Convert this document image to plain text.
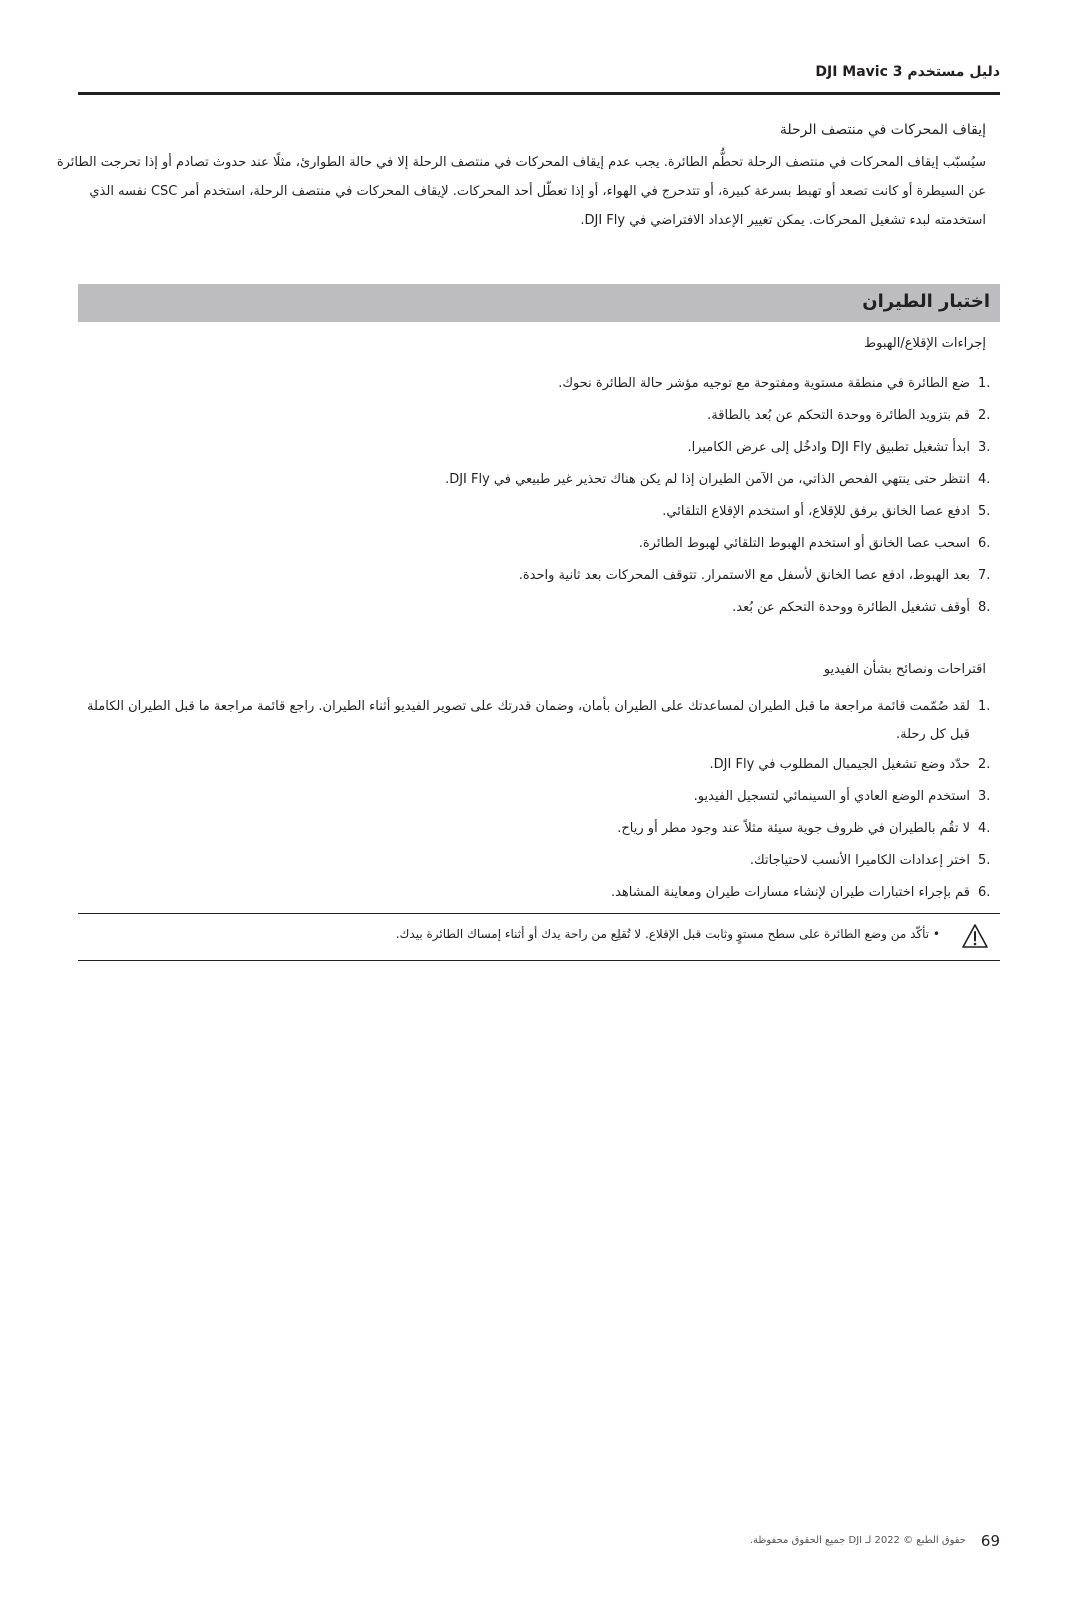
دليل مستخدم DJI Mavic 3
إيقاف المحركات في منتصف الرحلة

سيُسبّب إيقاف المحركات في منتصف الرحلة تحطُّم الطائرة. يجب عدم إيقاف المحركات في منتصف الرحلة إلا في حالة الطوارئ، مثلًا عند حدوث تصادم أو إذا تحرجت الطائرة

عن السيطرة أو كانت تصعد أو تهبط بسرعة كبيرة، أو تتدحرج في الهواء، أو إذا تعطّل أحد المحركات. لإيقاف المحركات في منتصف الرحلة، استخدم أمر CSC نفسه الذي

استخدمته لبدء تشغيل المحركات. يمكن تغيير الإعداد الافتراضي في DJI Fly.

اختبار الطيران
إجراءات الإقلاع/الهبوط
1.
ضع الطائرة في منطقة مستوية ومفتوحة مع توجيه مؤشر حالة الطائرة نحوك.
2.
قم بتزويد الطائرة ووحدة التحكم عن بُعد بالطاقة.
3.
ابدأ تشغيل تطبيق DJI Fly وادخُل إلى عرض الكاميرا.
4.
انتظر حتى ينتهي الفحص الذاتي، من الآمن الطيران إذا لم يكن هناك تحذير غير طبيعي في DJI Fly.
5.
ادفع عصا الخانق برفق للإقلاع، أو استخدم الإقلاع التلقائي.
6.
اسحب عصا الخانق أو استخدم الهبوط التلقائي لهبوط الطائرة.
7.
بعد الهبوط، ادفع عصا الخانق لأسفل مع الاستمرار. تتوقف المحركات بعد ثانية واحدة.
8.
أوقف تشغيل الطائرة ووحدة التحكم عن بُعد.
اقتراحات ونصائح بشأن الفيديو
1.
لقد صُمّمت قائمة مراجعة ما قبل الطيران لمساعدتك على الطيران بأمان، وضمان قدرتك على تصوير الفيديو أثناء الطيران. راجع قائمة مراجعة ما قبل الطيران الكاملة قبل كل رحلة.
2.
حدّد وضع تشغيل الجيمبال المطلوب في DJI Fly.
3.
استخدم الوضع العادي أو السينمائي لتسجيل الفيديو.
4.
لا تقُم بالطيران في ظروف جوية سيئة مثلاً عند وجود مطر أو رياح.
5.
اختر إعدادات الكاميرا الأنسب لاحتياجاتك.
6.
قم بإجراء اختبارات طيران لإنشاء مسارات طيران ومعاينة المشاهد.
• تأكّد من وضع الطائرة على سطح مستوٍ وثابت قبل الإقلاع. لا تُقلِع من راحة يدك أو أثناء إمساك الطائرة بيدك.
69
حقوق الطبع © 2022 لـ DJI جميع الحقوق محفوظة.
